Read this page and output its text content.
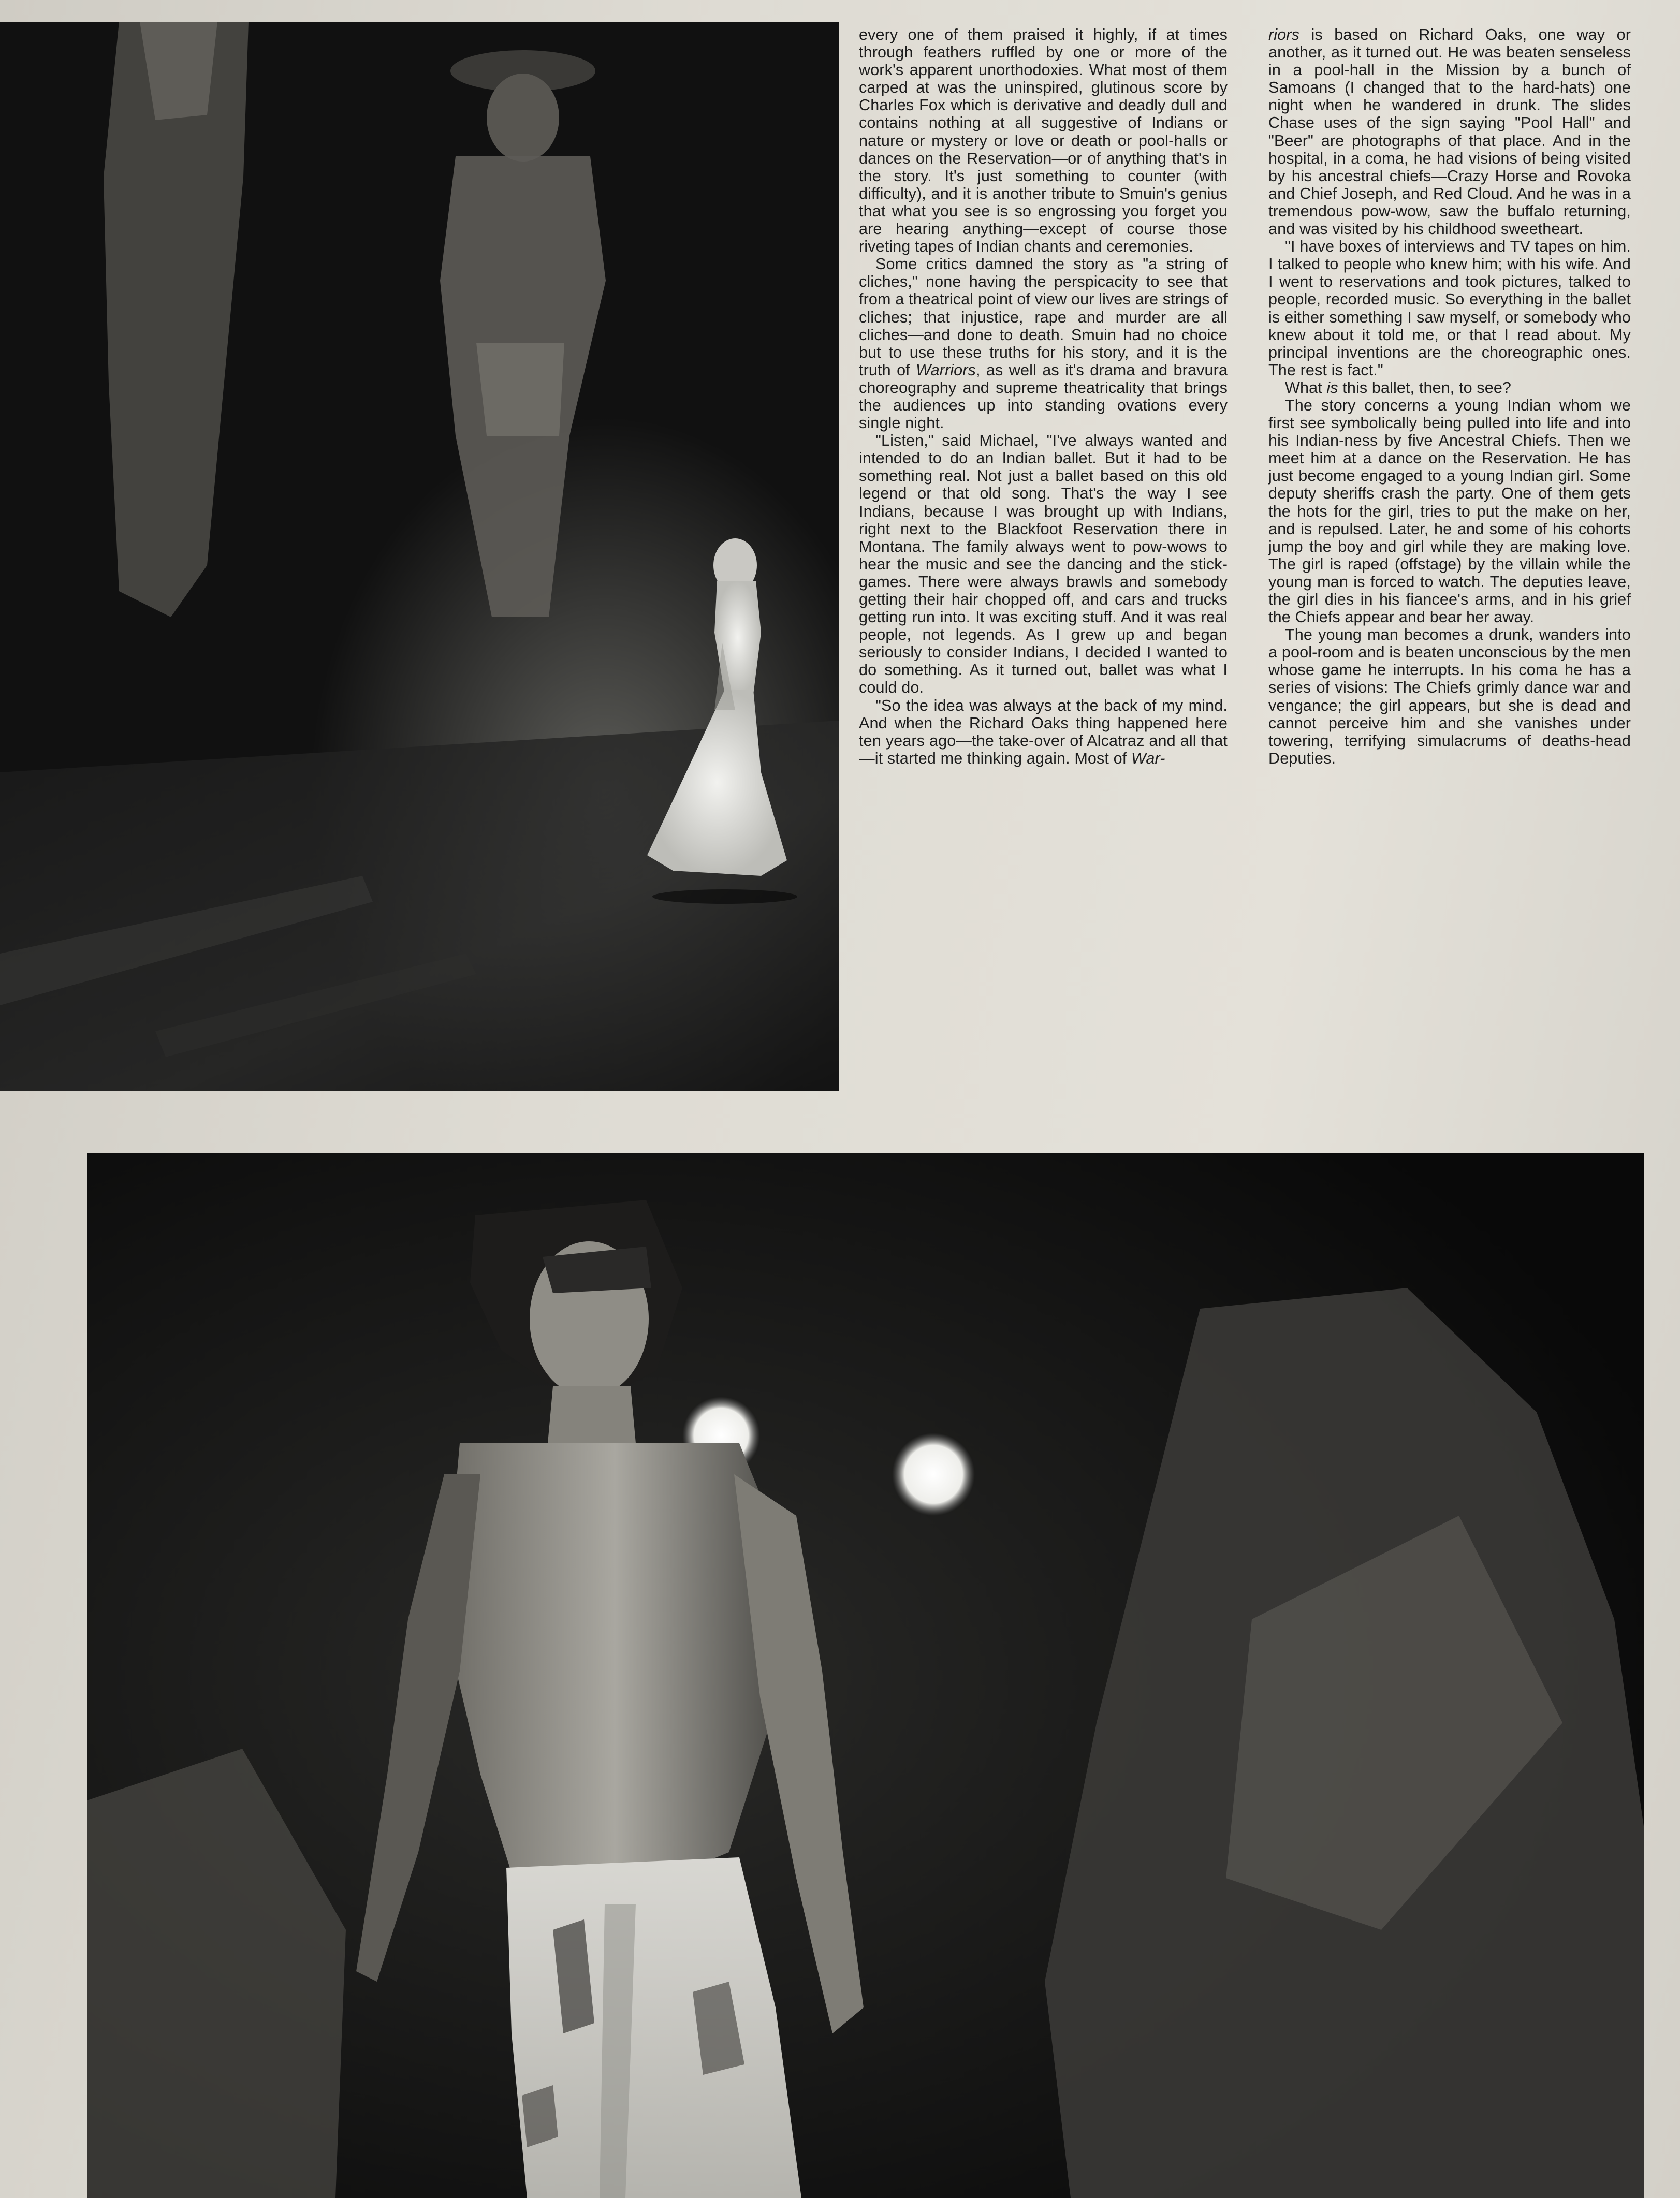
every one of them praised it highly, if at times through feathers ruffled by one or more of the work's apparent unorthodoxies. What most of them carped at was the uninspired, glutinous score by Charles Fox which is derivative and deadly dull and contains nothing at all suggestive of Indians or nature or mystery or love or death or pool-halls or dances on the Reservation—or of anything that's in the story. It's just something to counter (with difficulty), and it is another tribute to Smuin's genius that what you see is so engrossing you forget you are hearing anything—except of course those riveting tapes of Indian chants and ceremonies.

Some critics damned the story as "a string of cliches," none having the perspicacity to see that from a theatrical point of view our lives are strings of cliches; that injustice, rape and murder are all cliches—and done to death. Smuin had no choice but to use these truths for his story, and it is the truth of Warriors, as well as it's drama and bravura choreography and supreme theatricality that brings the audiences up into standing ovations every single night.

"Listen," said Michael, "I've always wanted and intended to do an Indian ballet. But it had to be something real. Not just a ballet based on this old legend or that old song. That's the way I see Indians, because I was brought up with Indians, right next to the Blackfoot Reservation there in Montana. The family always went to pow-wows to hear the music and see the dancing and the stick-games. There were always brawls and somebody getting their hair chopped off, and cars and trucks getting run into. It was exciting stuff. And it was real people, not legends. As I grew up and began seriously to consider Indians, I decided I wanted to do something. As it turned out, ballet was what I could do.

"So the idea was always at the back of my mind. And when the Richard Oaks thing happened here ten years ago—the take-over of Alcatraz and all that—it started me thinking again. Most of War-

riors is based on Richard Oaks, one way or another, as it turned out. He was beaten senseless in a pool-hall in the Mission by a bunch of Samoans (I changed that to the hard-hats) one night when he wandered in drunk. The slides Chase uses of the sign saying "Pool Hall" and "Beer" are photographs of that place. And in the hospital, in a coma, he had visions of being visited by his ancestral chiefs—Crazy Horse and Rovoka and Chief Joseph, and Red Cloud. And he was in a tremendous pow-wow, saw the buffalo returning, and was visited by his childhood sweetheart.

"I have boxes of interviews and TV tapes on him. I talked to people who knew him; with his wife. And I went to reservations and took pictures, talked to people, recorded music. So everything in the ballet is either something I saw myself, or somebody who knew about it told me, or that I read about. My principal inventions are the choreographic ones. The rest is fact."

What is this ballet, then, to see?

The story concerns a young Indian whom we first see symbolically being pulled into life and into his Indian-ness by five Ancestral Chiefs. Then we meet him at a dance on the Reservation. He has just become engaged to a young Indian girl. Some deputy sheriffs crash the party. One of them gets the hots for the girl, tries to put the make on her, and is repulsed. Later, he and some of his cohorts jump the boy and girl while they are making love. The girl is raped (offstage) by the villain while the young man is forced to watch. The deputies leave, the girl dies in his fiancee's arms, and in his grief the Chiefs appear and bear her away.

The young man becomes a drunk, wanders into a pool-room and is beaten unconscious by the men whose game he interrupts. In his coma he has a series of visions: The Chiefs grimly dance war and vengance; the girl appears, but she is dead and cannot perceive him and she vanishes under towering, terrifying simulacrums of deaths-head Deputies.
